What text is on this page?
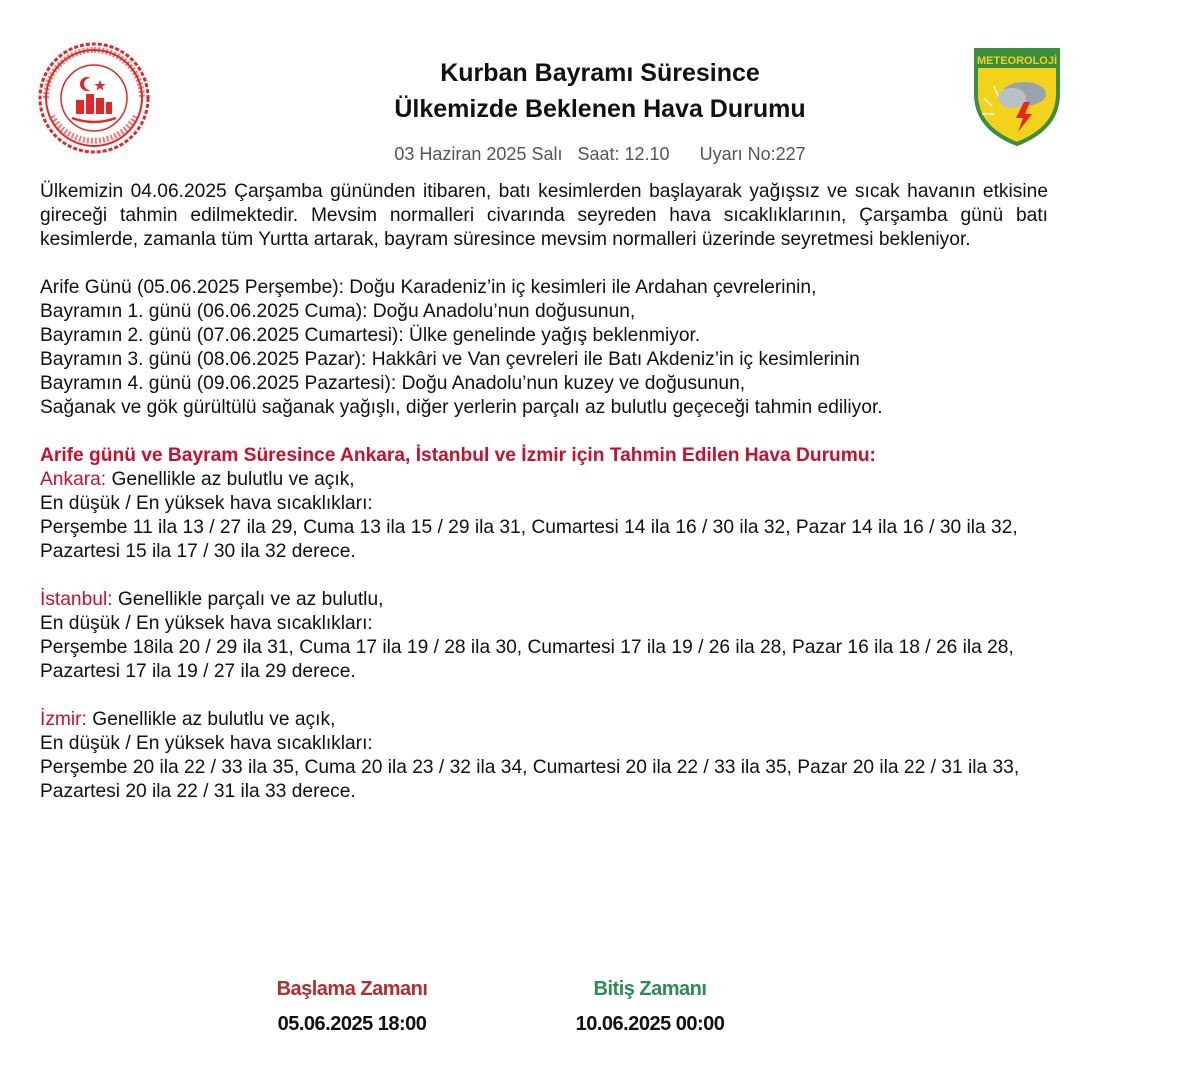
Kurban Bayramı Süresince
Ülkemizde Beklenen Hava Durumu
03 Haziran 2025 Salı Saat: 12.10 Uyarı No:227
METEOROLOJİ

Ülkemizin 04.06.2025 Çarşamba gününden itibaren, batı kesimlerden başlayarak yağışsız ve sıcak havanın etkisine gireceği tahmin edilmektedir. Mevsim normalleri civarında seyreden hava sıcaklıklarının, Çarşamba günü batı kesimlerde, zamanla tüm Yurtta artarak, bayram süresince mevsim normalleri üzerinde seyretmesi bekleniyor.

Arife Günü (05.06.2025 Perşembe): Doğu Karadeniz’in iç kesimleri ile Ardahan çevrelerinin,

Bayramın 1. günü (06.06.2025 Cuma): Doğu Anadolu’nun doğusunun,

Bayramın 2. günü (07.06.2025 Cumartesi): Ülke genelinde yağış beklenmiyor.

Bayramın 3. günü (08.06.2025 Pazar): Hakkâri ve Van çevreleri ile Batı Akdeniz’in iç kesimlerinin

Bayramın 4. günü (09.06.2025 Pazartesi): Doğu Anadolu’nun kuzey ve doğusunun,

Sağanak ve gök gürültülü sağanak yağışlı, diğer yerlerin parçalı az bulutlu geçeceği tahmin ediliyor.

Arife günü ve Bayram Süresince Ankara, İstanbul ve İzmir için Tahmin Edilen Hava Durumu:

Ankara: Genellikle az bulutlu ve açık,

En düşük / En yüksek hava sıcaklıkları:

Perşembe 11 ila 13 / 27 ila 29, Cuma 13 ila 15 / 29 ila 31, Cumartesi 14 ila 16 / 30 ila 32, Pazar 14 ila 16 / 30 ila 32, Pazartesi 15 ila 17 / 30 ila 32 derece.

İstanbul: Genellikle parçalı ve az bulutlu,

En düşük / En yüksek hava sıcaklıkları:

Perşembe 18ila 20 / 29 ila 31, Cuma 17 ila 19 / 28 ila 30, Cumartesi 17 ila 19 / 26 ila 28, Pazar 16 ila 18 / 26 ila 28, Pazartesi 17 ila 19 / 27 ila 29 derece.

İzmir: Genellikle az bulutlu ve açık,

En düşük / En yüksek hava sıcaklıkları:

Perşembe 20 ila 22 / 33 ila 35, Cuma 20 ila 23 / 32 ila 34, Cumartesi 20 ila 22 / 33 ila 35, Pazar 20 ila 22 / 31 ila 33, Pazartesi 20 ila 22 / 31 ila 33 derece.

Başlama Zamanı
05.06.2025 18:00
Bitiş Zamanı
10.06.2025 00:00
